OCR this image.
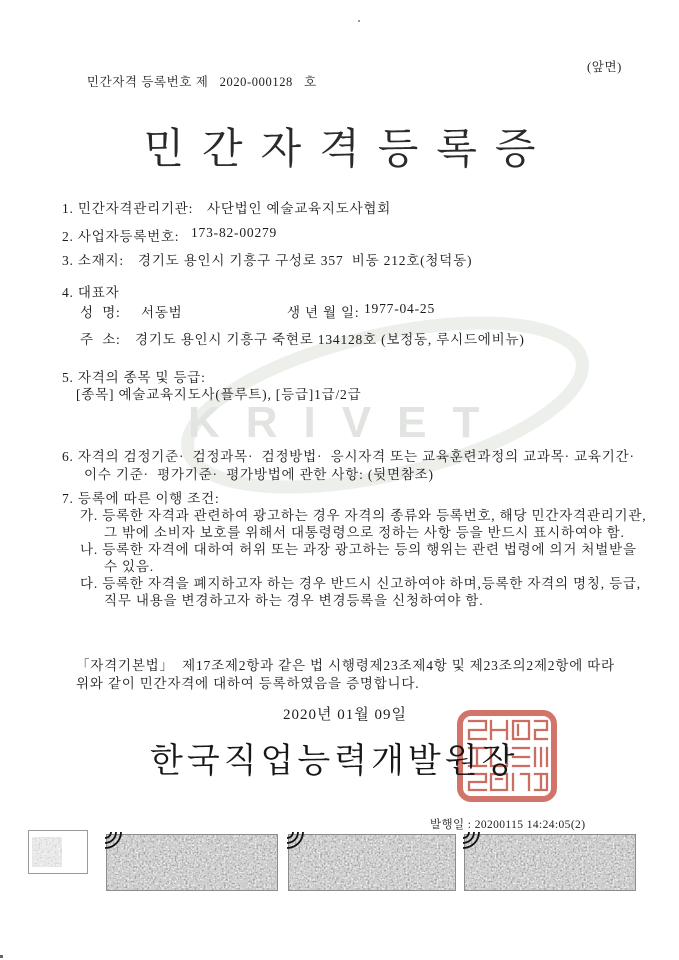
KRIVET

민간자격 등록번호 제 2020-000128 호

(앞면)
민간자격등록증
1. 민간자격관리기관: 사단법인 예술교육지도사협회
2. 사업자등록번호: 173-82-00279
3. 소재지: 경기도 용인시 기흥구 구성로 357  비동 212호(청덕동)
4. 대표자
성  명: 서동범	생 년 월 일: 1977-04-25
주  소: 경기도 용인시 기흥구 죽현로 134128호 (보정동, 루시드에비뉴)
5. 자격의 종목 및 등급:
[종목] 예술교육지도사(플루트), [등급]1급/2급
6. 자격의 검정기준·  검정과목·  검정방법·  응시자격 또는 교육훈련과정의 교과목· 교육기간·
이수 기준·  평가기준·  평가방법에 관한 사항: (뒷면참조)
7. 등록에 따른 이행 조건:
가. 등록한 자격과 관련하여 광고하는 경우 자격의 종류와 등록번호, 해당 민간자격관리기관,
그 밖에 소비자 보호를 위해서 대통령령으로 정하는 사항 등을 반드시 표시하여야 함.
나. 등록한 자격에 대하여 허위 또는 과장 광고하는 등의 행위는 관련 법령에 의거 처벌받을
수 있음.
다. 등록한 자격을 폐지하고자 하는 경우 반드시 신고하여야 하며,등록한 자격의 명칭, 등급,
직무 내용을 변경하고자 하는 경우 변경등록을 신청하여야 함.
「자격기본법」  제17조제2항과 같은 법 시행령제23조제4항 및 제23조의2제2항에 따라
위와 같이 민간자격에 대하여 등록하였음을 증명합니다.
2020년 01월 09일
한국직업능력개발원장
발행일 : 20200115 14:24:05(2)
